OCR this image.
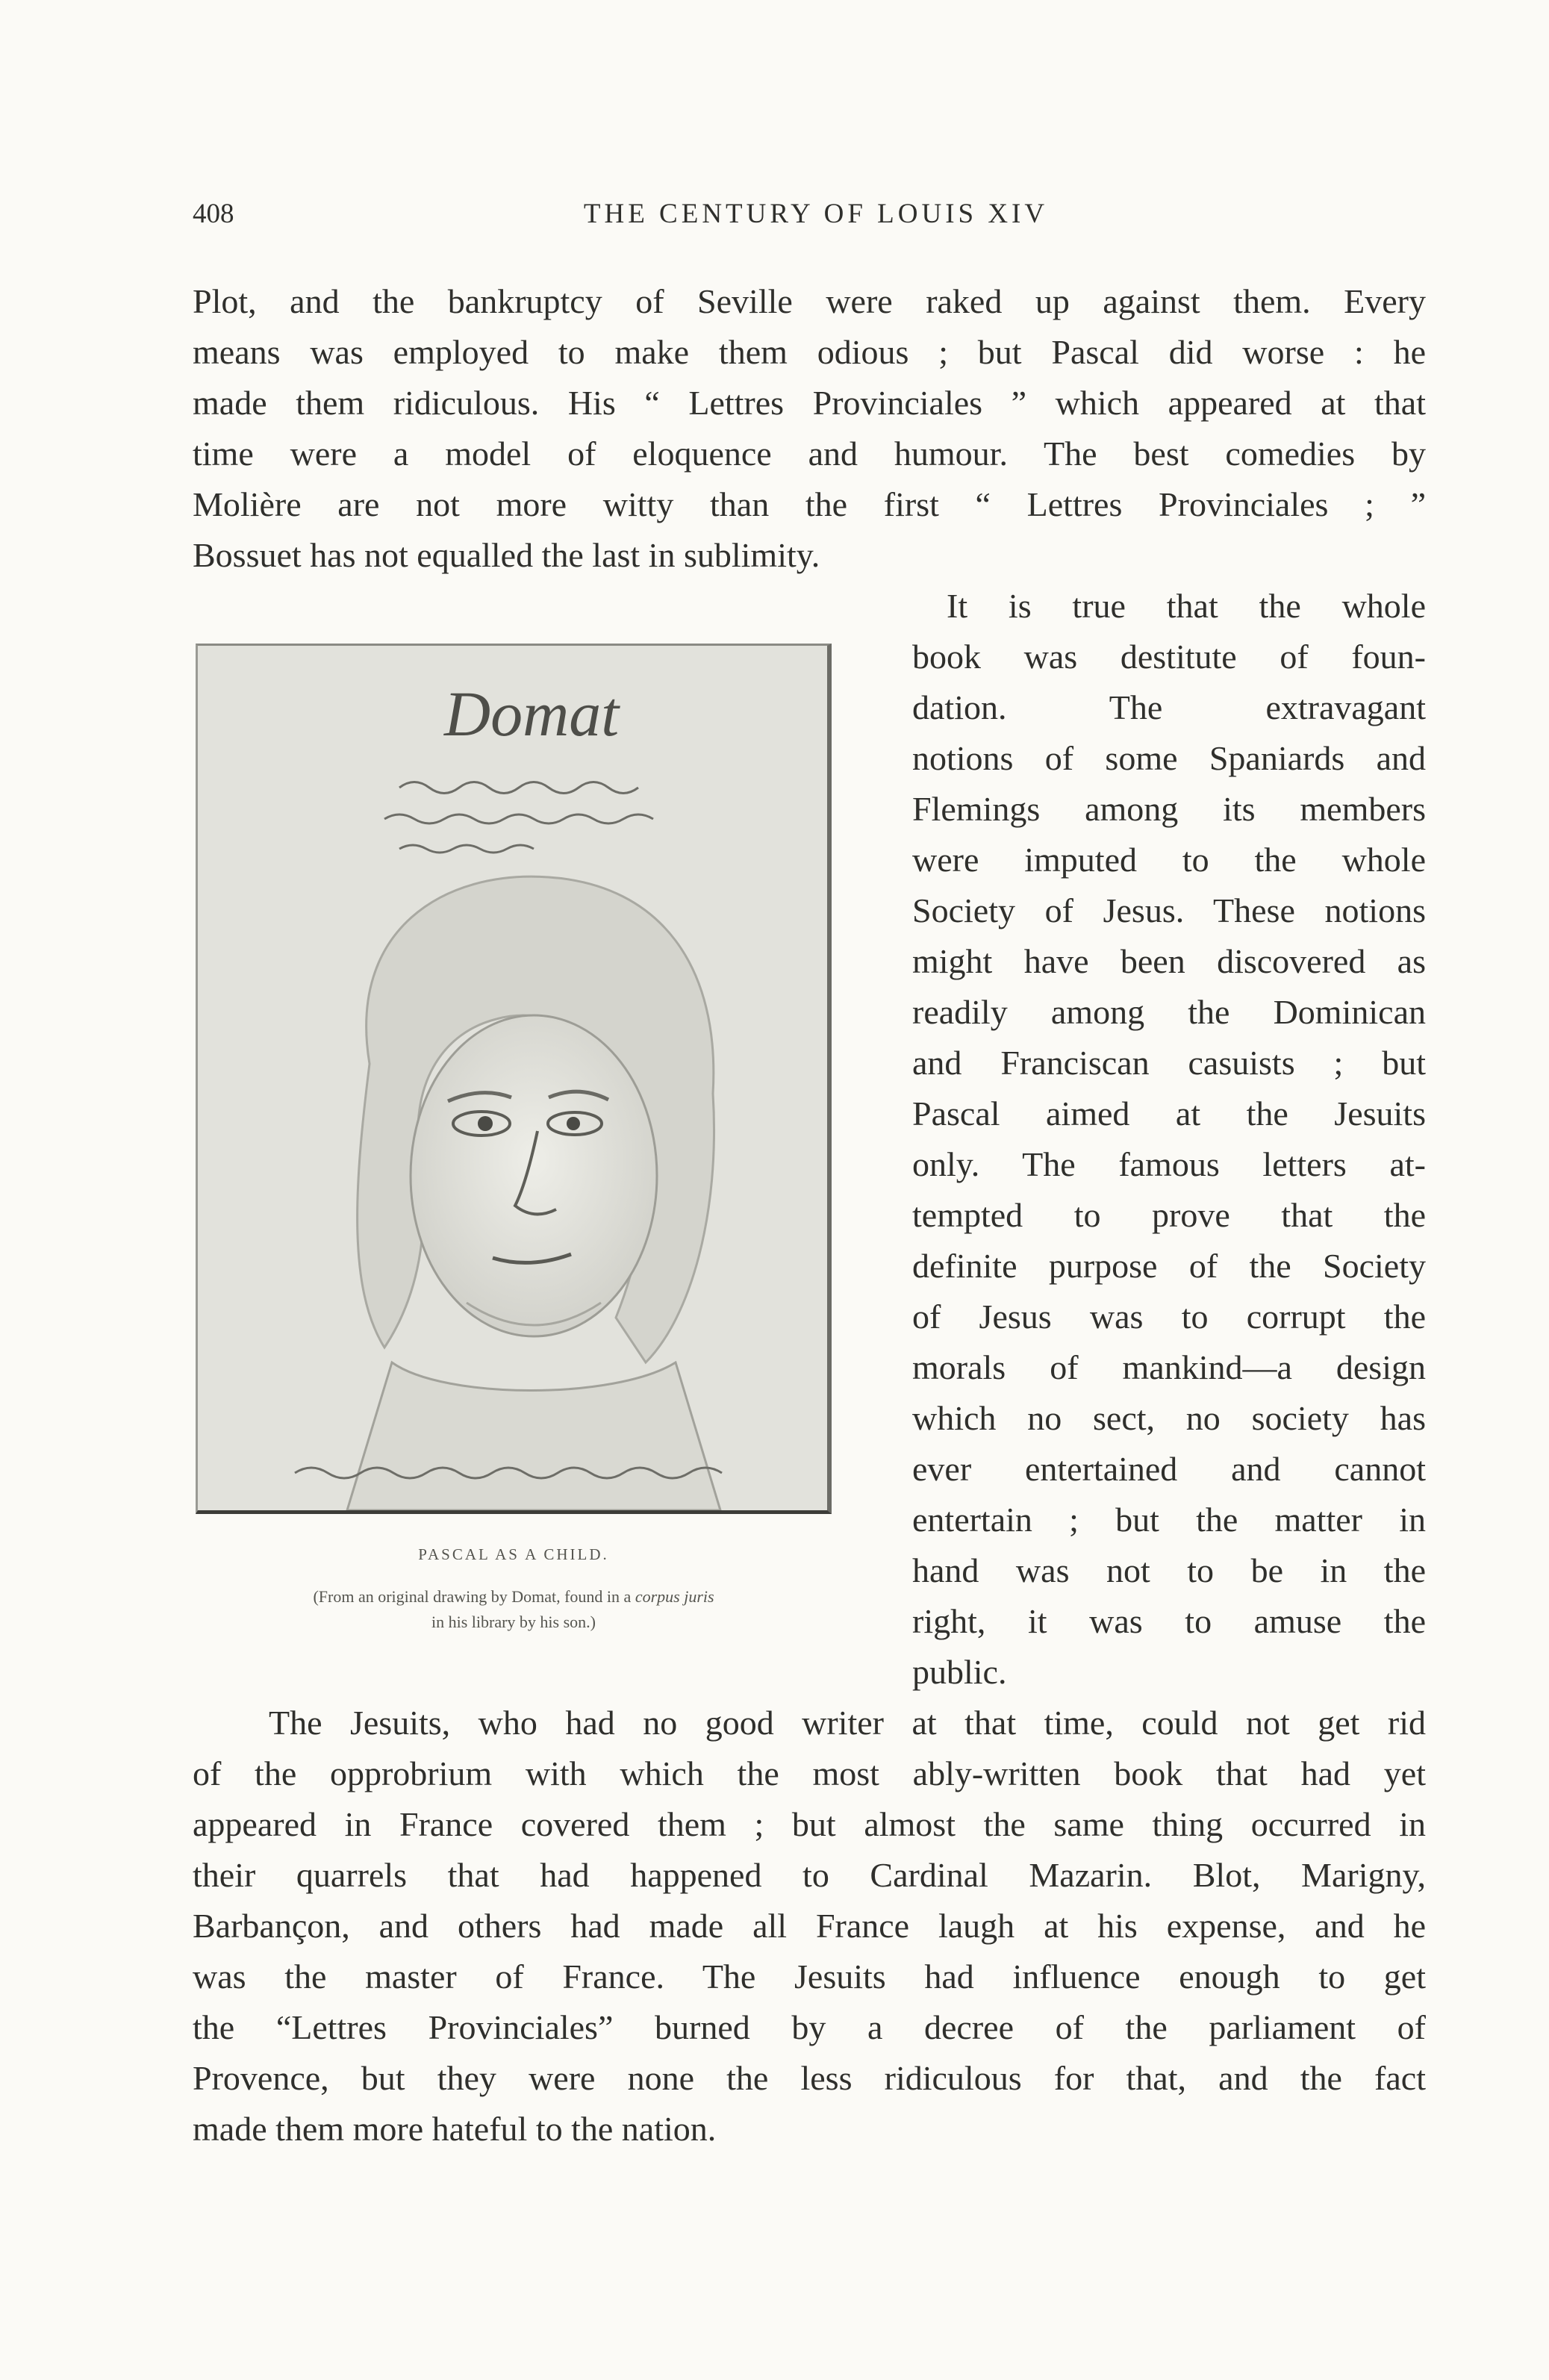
408	THE CENTURY OF LOUIS XIV
Plot, and the bankruptcy of Seville were raked up against them. Every
means was employed to make them odious ; but Pascal did worse : he
made them ridiculous. His “ Lettres Provinciales ” which appeared at that
time were a model of eloquence and humour. The best comedies by
Molière are not more witty than the first “ Lettres Provinciales ; ”
Bossuet has not equalled the last in sublimity.
It is true that the whole
book was destitute of foun-
dation. The extravagant
notions of some Spaniards and
Flemings among its members
were imputed to the whole
Society of Jesus. These notions
might have been discovered as
readily among the Dominican
and Franciscan casuists ; but
Pascal aimed at the Jesuits
only. The famous letters at-
tempted to prove that the
definite purpose of the Society
of Jesus was to corrupt the
morals of mankind—a design
which no sect, no society has
ever entertained and cannot
entertain ; but the matter in
hand was not to be in the
right, it was to amuse the
public.
The Jesuits, who had no good writer at that time, could not get rid
of the opprobrium with which the most ably-written book that had yet
appeared in France covered them ; but almost the same thing occurred in
their quarrels that had happened to Cardinal Mazarin. Blot, Marigny,
Barbançon, and others had made all France laugh at his expense, and he
was the master of France. The Jesuits had influence enough to get
the “Lettres Provinciales” burned by a decree of the parliament of
Provence, but they were none the less ridiculous for that, and the fact
made them more hateful to the nation.
Domat
PASCAL AS A CHILD.
(From an original drawing by Domat, found in a corpus juris
in his library by his son.)
